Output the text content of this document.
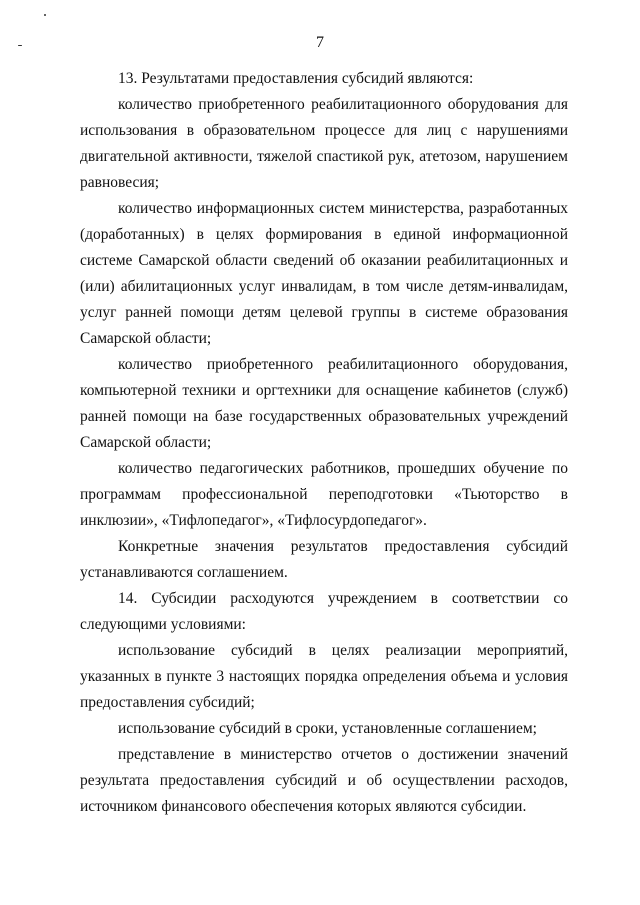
7

13. Результатами предоставления субсидий являются:

количество приобретенного реабилитационного оборудования для использования в образовательном процессе для лиц с нарушениями двигательной активности, тяжелой спастикой рук, атетозом, нарушением равновесия;

количество информационных систем министерства, разработанных (доработанных) в целях формирования в единой информационной системе Самарской области сведений об оказании реабилитационных и (или) абилитационных услуг инвалидам, в том числе детям-инвалидам, услуг ранней помощи детям целевой группы в системе образования Самарской области;

количество приобретенного реабилитационного оборудования, компьютерной техники и оргтехники для оснащение кабинетов (служб) ранней помощи на базе государственных образовательных учреждений Самарской области;

количество педагогических работников, прошедших обучение по программам профессиональной переподготовки «Тьюторство в инклюзии», «Тифлопедагог», «Тифлосурдопедагог».

Конкретные значения результатов предоставления субсидий устанавливаются соглашением.

14. Субсидии расходуются учреждением в соответствии со следующими условиями:

использование субсидий в целях реализации мероприятий, указанных в пункте 3 настоящих порядка определения объема и условия предоставления субсидий;

использование субсидий в сроки, установленные соглашением;

представление в министерство отчетов о достижении значений результата предоставления субсидий и об осуществлении расходов, источником финансового обеспечения которых являются субсидии.
